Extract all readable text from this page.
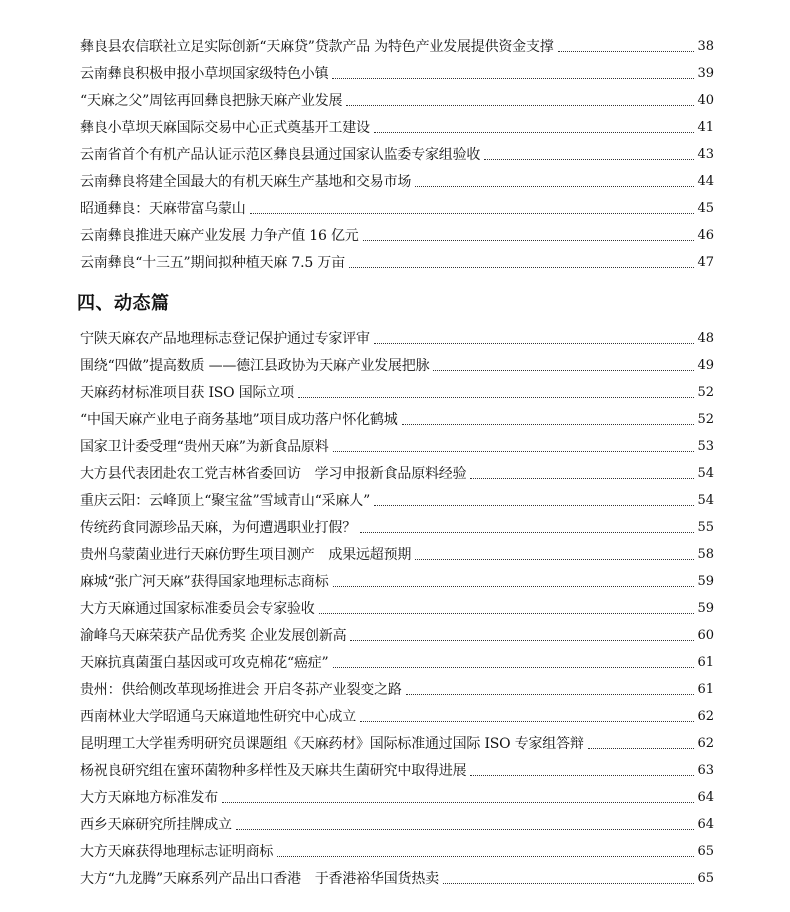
彝良县农信联社立足实际创新“天麻贷”贷款产品 为特色产业发展提供资金支撑	38
云南彝良积极申报小草坝国家级特色小镇	39
“天麻之父”周铉再回彝良把脉天麻产业发展	40
彝良小草坝天麻国际交易中心正式奠基开工建设	41
云南省首个有机产品认证示范区彝良县通过国家认监委专家组验收	43
云南彝良将建全国最大的有机天麻生产基地和交易市场	44
昭通彝良：天麻带富乌蒙山	45
云南彝良推进天麻产业发展 力争产值 16 亿元	46
云南彝良“十三五”期间拟种植天麻 7.5 万亩	47
四、动态篇
宁陕天麻农产品地理标志登记保护通过专家评审	48
围绕“四做”提高数质 ——德江县政协为天麻产业发展把脉	49
天麻药材标准项目获 ISO 国际立项	52
“中国天麻产业电子商务基地”项目成功落户怀化鹤城	52
国家卫计委受理“贵州天麻”为新食品原料	53
大方县代表团赴农工党吉林省委回访　学习申报新食品原料经验	54
重庆云阳：云峰顶上“聚宝盆”雪域青山“采麻人”	54
传统药食同源珍品天麻，为何遭遇职业打假？	55
贵州乌蒙菌业进行天麻仿野生项目测产　成果远超预期	58
麻城“张广河天麻”获得国家地理标志商标	59
大方天麻通过国家标准委员会专家验收	59
渝峰乌天麻荣获产品优秀奖 企业发展创新高	60
天麻抗真菌蛋白基因或可攻克棉花“癌症”	61
贵州：供给侧改革现场推进会 开启冬荪产业裂变之路	61
西南林业大学昭通乌天麻道地性研究中心成立	62
昆明理工大学崔秀明研究员课题组《天麻药材》国际标准通过国际 ISO 专家组答辩	62
杨祝良研究组在蜜环菌物种多样性及天麻共生菌研究中取得进展	63
大方天麻地方标准发布	64
西乡天麻研究所挂牌成立	64
大方天麻获得地理标志证明商标	65
大方“九龙腾”天麻系列产品出口香港　于香港裕华国货热卖	65
